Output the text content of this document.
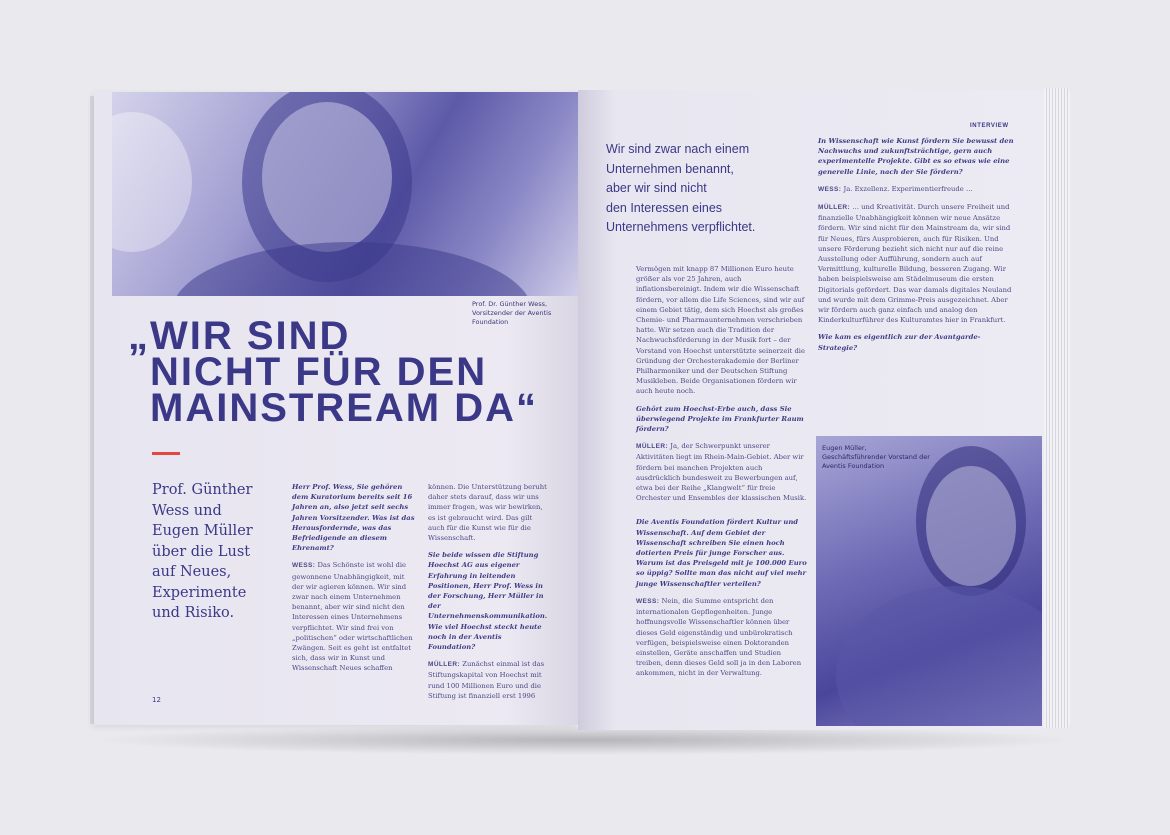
Prof. Dr. Günther Wess, Vorsitzender der Aventis Foundation
„WIR SIND
NICHT FÜR DEN
MAINSTREAM DA“
Prof. Günther Wess und Eugen Müller über die Lust auf Neues, Experimente und Risiko.

Herr Prof. Wess, Sie gehören dem Kuratorium bereits seit 16 Jahren an, also jetzt seit sechs Jahren Vorsitzender. Was ist das Herausfordernde, was das Befriedigende an diesem Ehrenamt?

WESS: Das Schönste ist wohl die gewonnene Unabhängigkeit, mit der wir agieren können. Wir sind zwar nach einem Unternehmen benannt, aber wir sind nicht den Interessen eines Unternehmens verpflichtet. Wir sind frei von „politischen“ oder wirtschaftlichen Zwängen. Seit es geht ist entfaltet sich, dass wir in Kunst und Wissenschaft Neues schaffen

können. Die Unterstützung beruht daher stets darauf, dass wir uns immer fragen, was wir bewirken, es ist gebraucht wird. Das gilt auch für die Kunst wie für die Wissenschaft.

Sie beide wissen die Stiftung Hoechst AG aus eigener Erfahrung in leitenden Positionen, Herr Prof. Wess in der Forschung, Herr Müller in der Unternehmenskommunikation. Wie viel Hoechst steckt heute noch in der Aventis Foundation?

MÜLLER: Zunächst einmal ist das Stiftungskapital von Hoechst mit rund 100 Millionen Euro und die Stiftung ist finanziell erst 1996

12
INTERVIEW
Wir sind zwar nach einem
Unternehmen benannt,
aber wir sind nicht
den Interessen eines
Unternehmens verpflichtet.

Vermögen mit knapp 87 Millionen Euro heute größer als vor 25 Jahren, auch inflationsbereinigt. Indem wir die Wissenschaft fördern, vor allem die Life Sciences, sind wir auf einem Gebiet tätig, dem sich Hoechst als großes Chemie- und Pharmaunternehmen verschrieben hatte. Wir setzen auch die Tradition der Nachwuchsförderung in der Musik fort – der Vorstand von Hoechst unterstützte seinerzeit die Gründung der Orchesterakademie der Berliner Philharmoniker und der Deutschen Stiftung Musikleben. Beide Organisationen fördern wir auch heute noch.

Gehört zum Hoechst-Erbe auch, dass Sie überwiegend Projekte im Frankfurter Raum fördern?

MÜLLER: Ja, der Schwerpunkt unserer Aktivitäten liegt im Rhein-Main-Gebiet. Aber wir fördern bei manchen Projekten auch ausdrücklich bundesweit zu Bewerbungen auf, etwa bei der Reihe „Klangwelt“ für freie Orchester und Ensembles der klassischen Musik.

Die Aventis Foundation fördert Kultur und Wissenschaft. Auf dem Gebiet der Wissenschaft schreiben Sie einen hoch dotierten Preis für junge Forscher aus. Warum ist das Preisgeld mit je 100.000 Euro so üppig? Sollte man das nicht auf viel mehr junge Wissenschaftler verteilen?

WESS: Nein, die Summe entspricht den internationalen Gepflogenheiten. Junge hoffnungsvolle Wissenschaftler können über dieses Geld eigenständig und unbürokratisch verfügen, beispielsweise einen Doktoranden einstellen, Geräte anschaffen und Studien treiben, denn dieses Geld soll ja in den Laboren ankommen, nicht in der Verwaltung.

In Wissenschaft wie Kunst fördern Sie bewusst den Nachwuchs und zukunftsträchtige, gern auch experimentelle Projekte. Gibt es so etwas wie eine generelle Linie, nach der Sie fördern?

WESS: Ja. Exzellenz. Experimentierfreude …

MÜLLER: … und Kreativität. Durch unsere Freiheit und finanzielle Unabhängigkeit können wir neue Ansätze fördern. Wir sind nicht für den Mainstream da, wir sind für Neues, fürs Ausprobieren, auch für Risiken. Und unsere Förderung bezieht sich nicht nur auf die reine Ausstellung oder Aufführung, sondern auch auf Vermittlung, kulturelle Bildung, besseren Zugang. Wir haben beispielsweise am Städelmuseum die ersten Digitorials gefördert. Das war damals digitales Neuland und wurde mit dem Grimme-Preis ausgezeichnet. Aber wir fördern auch ganz einfach und analog den Kinderkulturführer des Kulturamtes hier in Frankfurt.

Wie kam es eigentlich zur der Avantgarde-Strategie?

Eugen Müller, Geschäftsführender Vorstand der Aventis Foundation
